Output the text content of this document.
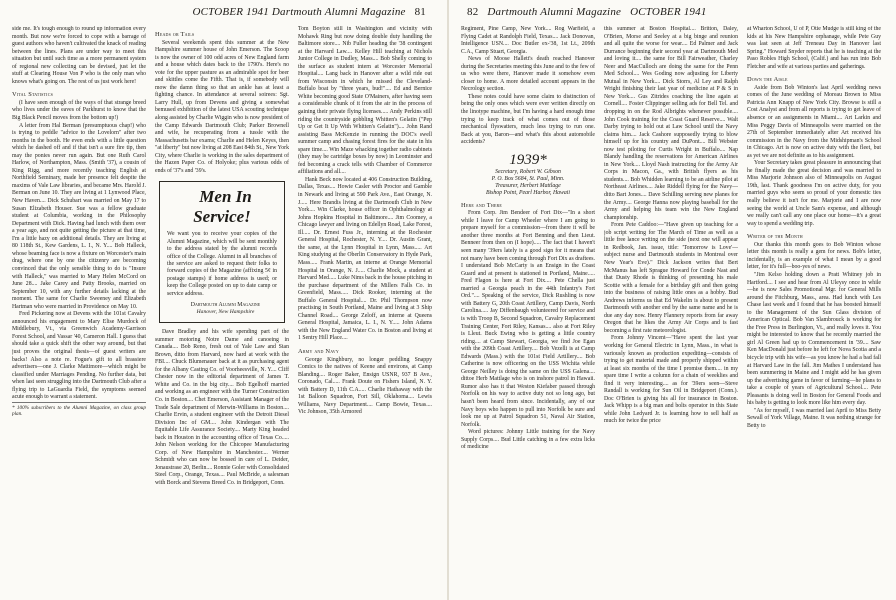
OCTOBER 1941 Dartmouth Alumni Magazine 81

side me. It's tough enough to round up information every month. But now we're forced to cope with a barrage of guest authors who haven't cultivated the knack of reading between the lines. Plans are under way to meet this situation but until such time as a more permanent system of regional new collecting can be devised, just let the stuff at Clearing House Von P who is the only man who knows what's going on. The rest of us just work here!

Vital Statistics

(I have seen enough of the ways of that strange breed who lives under the eaves of Parkhurst to know that the Big Black Pencil moves from the bottom up!)

A letter from Hal Berman (presumptuous chap!) who is trying to peddle "advice to the Lovelorn" after two months in the booth. He even ends with a little question which he dashed off and if that isn't a sure fire tip, then may the ponies never run again. But one Ruth Carol Harlow, of Northampton, Mass. (Smith '37), a cousin of King Rigg, and more recently teaching English at Northfield Seminary, made her presence felt despite the maxims of Vale Law libraries, and became Mrs. Harold J. Berman on June 10. They are living at 1 Lynwood Place, New Haven.... Dick Schubart was married on May 17 to Susan Elizabeth Houser. Sue was a fellow graduate student at Columbia, working in the Philosophy Department with Dick. Having had lunch with them over a year ago, and not quite getting the picture at that time, I'm a little hazy on additional details. They are living at 80 118th St., Kew Gardens, L. I., N. Y.... Bob Halleck, whose beaming face is now a fixture on Worcester's main drag, where one by one the citizenry are becoming convinced that the only sensible thing to do is "Insure with Halleck," was married to Mary Helen McCord on June 28.... Jake Carey and Patty Brooks, married on September 10, with any further details lacking at the moment. The same for Charlie Sweeney and Elizabeth Hartman who were married in Providence on May 10.

Fred Pickering now at Devens with the 101st Cavalry announced his engagement to Mary Elise Murdock of Middlebury, Vt., via Greenwich Academy-Garrison Forest School, and Vassar '40, Cameron Hall. I guess that should take a quick shift the other way around, but that just proves the original thesis—of guest writers are backs! Also a note re. Fogue's gift to all brassiere advertisers—one J. Clarke Mattimore—which might be classified under Marriages Pending. No further data, but when last seen struggling into the Dartmouth Club after a flying trip to LaGuardia Field, the symptoms seemed acute enough to warrant a statement.

* 100% subscribers to the Alumni Magazine, on class group plan.

Heads or Tails

Several weekends spent this summer at the New Hampshire summer house of John Emerson. The Scoop is now the owner of 100 odd acres of New England farm and a house which dates back to the 1790's. Here's no vote for the upper pasture as an admirable spot for beer and skittles come the Fifth. That is, if somebody will mow the damn thing so that an ankle has at least a fighting chance. In attendance at several soirees: Sgt. Larry Hull, up from Devens and giving a somewhat bemused exhibition of the latest USA scouting technique along assisted by Charlie Wiggin who is now president of the Camp Edwards Dartmouth Club; Parker Brownell and wife, he recuperating from a tussle with the Massachusetts bar exams; Charlie and Helen Keyes, then "at liberty" but now living at 208 East 84th St., New York City, where Charlie is working in the sales department of the Hazen Paper Co. of Holyoke; plus various odds of ends of '37's and '39's.

Men In Service!

We want you to receive your copies of the Alumni Magazine, which will be sent monthly to the address stated by the alumni records office of the College. Alumni in all branches of the service are asked to request their folks to forward copies of the Magazine (affixing 5¢ in postage stamps) if home address is used; or keep the College posted on up to date camp or service address.

Dartmouth Alumni Magazine

Hanover, New Hampshire

Dave Bradley and his wife spending part of the summer motoring Notre Dame and canoeing in Canada.... Bob Reno, fresh out of Yale Law and Stan Brown, ditto from Harvard, now hard at work with the FBI.... Chuck Blumenauer back at it as purchasing agent for the Albany Casting Co. of Voorheesville, N. Y.... Cliff Chester now in the editorial department of James T. White and Co. in the big city.... Bob Egelhoff married and working as an engineer with the Turner Construction Co. in Boston.... Chet Emerson, Assistant Manager of the Trade Sale department of Merwin-Williams in Boston.... Charlie Ervin, a student engineer with the Detroit Diesel Division Inc of GM.... John Kindergan with The Equitable Life Assurance Society.... Marty King headed back in Houston in the accounting office of Texas Co..... John Nelson working for the Chicopee Manufacturing Corp. of New Hampshire in Manchester.... Werner Schmidt who can now be bossed in care of L. Deider, Jonaustrase 20, Berlin.... Ronnie Goler with Consolidated Steel Corp., Orange, Texas.... Paul McBride, a salesman with Borck and Stevens Breed Co. in Bridgeport, Conn.

Tom Boyton still in Washington and vicinity with Mohawk Ring but now doing double duty handling the Baltimore store.... Nib Fuller heading the '38 contingent at the Harvard Law.... Kelley Hill teaching at Nichols Junior College in Dudley, Mass.... Bob Shelly coming to the surface as student intern at Worcester Memorial Hospital.... Lang back in Hanover after a wild ride out from Wisconsin in which he missed the Cleveland-Buffalo boat by "three years, bud!".... Ed and Bernice White becoming good State O'Mainers, after having seen a considerable chunk of it from the air in the process of gaining their private flying licenses..... Andy Perkins still riding the countryside gobbling Whitten's Gelatin ("Pep Up or Get It Up With Whitten's Gelatin").... John Rand assisting Bass McKenzie in running the DOC's swell summer camp and chasing forest fires for the state in his spare time.... Win Maze whacking together radio cabinets (they may be cartridge boxes by now) in Leominster and fed becoming a crack tells with Chamber of Commerce affiliations and all....

Hank Beck now located at 406 Construction Building, Dallas, Texas.... Howie Casler with Proctor and Gamble in Newark and living at 590 Park Ave., East Orange, N. J..... Here Brandis living at the Dartmouth Club in New York.... Win Clarke, house officer in Ophthalmology at Johns Hopkins Hospital in Baltimore.... Jim Coomey, a Chicago lawyer and living on Edellyn Road, Lake Forest, Ill..... Dr. Ernest Fuss Jr., interning at the Rochester General Hospital, Rochester, N. Y.... Dr. Austin Grant, the same, at the Lynn Hospital in Lynn, Mass..... Art King studying at the Oberlin Conservatory in Hyde Park, Mass..... Frank Martin, an interne at Orange Memorial Hospital in Orange, N. J..... Charlie Mock, a student at Harvard Med..... Luke Nims back in the house pitching in the purchase department of the Millers Falls Co. in Greenfield, Mass..... Dick Rooker, interning at the Buffalo General Hospital.... Dr. Phil Thompson now practising in South Portland, Maine and living at 3 Ship Channel Road.... George Zeloff, an interne at Queens General Hospital, Jamaica, L. I., N. Y..... John Adams with the New England Water Co. in Boston and living at 1 Sentry Hill Place....

Army and Navy

George Kinghbury, no longer peddling Snappy Comics to the natives of Keene and environs, at Camp Blanding.... Roger Baker, Ensign USNR, 937 B Ave., Coronado, Cal..... Frank Doute on Fishers Island, N. Y. with Battery D, 11th C.A..... Charlie Hathaway with the 1st Balloon Squadron, Fort Sill, Oklahoma.... Lewis Williams, Navy Department.... Camp Bowie, Texas.... Vic Johnson, 35th Armored

82 Dartmouth Alumni Magazine OCTOBER 1941

Regiment, Pine Camp, New York.... Rog Warfield, a Flying Cadet at Randolph Field, Texas.... Jack Donovan, Intelligence USN.... Doc Butler ex-'38, 1st Lt., 209th C.A., Camp Stuart, Georgia.

News of Moose Hallett's death reached Hanover during the Secretaries meeting this June and to the few of us who were there, Hanover made it somehow even closer to home. A more detailed account appears in the Necrology section.

These notes could have some claim to distinction of being the only ones which were ever written directly on the linotype machine, but I'm having a hard enough time trying to keep track of what comes out of those mechanical flyswatters, much less trying to run one. Back at you, Baron—and what's this about automobile accidents?

1939*

Secretary, Robert W. Gibson

P. O. Box 5684, St. Paul, Minn.

Treasurer, Herbert Mattlage

Bishop Point, Pearl Harbor, Hawaii

Here and There

From Corp. Jim Bendeer of Fort Dix—"In a short while I leave for Camp Wheeler where I am going to prepare myself for a commission—from there it will be another three months at Fort Benning and then Lieut. Benneer from then on (I hope)..... The fact that I haven't seen many '39ers lately is a good sign for it means that not many have been coming through Fort Dix as draftees. I understand Bob McCarty is an Ensign in the Coast Guard and at present is stationed in Portland, Maine..... Fred Flagon is here at Fort Dix.... Pete Chella just married a Georgia peach in the 44th Infantry's Fort Ord.".... Speaking of the service, Dick Rushling is now with Battery G, 20th Coast Artillery, Camp Davis, North Carolina..... Jay Diffenbaugh volunteered for service and is with Troop B, Second Squadron, Cavalry Replacement Training Center, Fort Riley, Kansas.... also at Fort Riley is Lleut. Buck Ewing who is getting a little country riding.... at Camp Stewart, Georgia, we find Joe Egan with the 209th Coast Artillery.... Bob Vezelli is at Camp Edwards (Mass.) with the 101st Field Artillery.... Bob Catherine is now officering on the USS Wichita while George Neilley is doing the same on the USS Galena.... dittoe Herb Mattlage who is on inshore patrol in Hawaii. Rumor also has it that Weston Kiefaber passed through Norfolk on his way to active duty not so long ago, but hasn't been heard from since. Incidentally, any of our Navy boys who happen to pull into Norfolk be sure and look me up at Patrol Squadron 51, Naval Air Station, Norfolk.

Word pictures: Johnny Little training for the Navy Supply Corps.... Bud Little catching in a few extra licks of medicine

this summer at Boston Hospital.... Britton, Daley, O'Brien, Morse and Seeley at a big binge and reunion and all quite the worse for wear.... Ed Palmer and Jack Durrance beginning their second year at Dartmouth Med and loving it.... the same for Bill Fairweather, Charley Neer and MacCulloch are doing the same for the Penn Med School.... Wes Goding now adjusting for Liberty Mutual in New York.... Dick Storrs, Al Ley and Ralph Wright finishing their last year of medicine at P & S in New York.... Gus Zitrides coaching the line again at Cornell.... Foster Clippinger selling ads for Bell Tel. and dropping in on the Rod Albrights whenever possible.... John Cook training for the Coast Guard Reserve.... Walt Darby trying to hold out at Law School until the Navy claims him.... Jack Cashore supposedly trying to blow himself up for his country and DuPont.... Bill Webster now test piloting for Curtis Wright in Buffalo.... Nap Blandy handling the reservations for American Airlines in New York.... Lloyd Nash instructing for the Army Air Corps in Macon, Ga., with British flyers as his students.... Bob Whidden learning to be an airline pilot at Northeast Airlines.... Jake Riddell flying for the Navy—ditto Bart Jones.... Dave Schilling serving new planes for the Army.... George Hanna now playing baseball for the Army and helping his team win the New England championship.

From Pete Caddoo:—"Have given up teaching for a job script writing for The March of Time as well as a little free lance writing on the side (next one will appear in Redbook, Jan. issue, title: 'Tomorrow is Love'—subject nurse and Dartmouth students in Montreal over New Year's Eve)." Dick Jackson writes that Bert McManus has left Sprague Howard for Conde Nast and that Dusty Rhode is thinking of presenting his male Scottie with a female for a birthday gift and then going into the business of raising little ones as a hobby. Bud Andrews informs us that Ed Wakelin is about to present Dartmouth with another end by the same name and he is due any day now. Henry Flannery reports from far away Oregon that he likes the Army Air Corps and is fast becoming a first rate meteorologist.

From Johnny Vincent—"Have spent the last year working for General Electric in Lynn, Mass., in what is variously known as production expediting—consists of trying to get material made and properly shipped within at least six months of the time I promise them.... in my spare time I write a column for a chain of weeklies and find it very interesting.... as for '39ers seen—Steve Randall is working for Sun Oil in Bridgeport (Conn.). Doc O'Brien is giving his all for insurance in Boston. Jack Whipp is a big man and bolts operator in this State while John Ledyard Jr. is learning how to sell half as much for twice the price

at Wharton School, U of P, Otie Mudge is still king of the kids at his New Hampshire orphanage, while Pete Guy was last seen at Jeff Treneau Day in Hanover last Spring." Howard Snyder reports that he is teaching at the Paso Robles High School, (Calif.) and has run into Bob Fletcher and wife at various parties and gatherings.

Down the Aisle

Aside from Bob Winton's last April wedding news comes of the June wedding of Moreau Brown to Miss Patricia Ann Knapp of New York City. Browse is still a Cost Analyst and from all reports is trying to get leave of absence or an assignments in Miami.... Art Larkin and Miss Peggy Davis of Minneapolis were married on the 27th of September immediately after Art received his commission in the Navy from the Midshipman's School in Chicago. Art is now on active duty with the fleet, but as yet we are not definite as to his assignment.

Your Secretary takes great pleasure in announcing that he finally made the great decision and was married to Miss Marjorie Johnson also of Minneapolis on August 19th, last. Thank goodness I'm on active duty, for you married guys who seem so proud of your domestic ties really believe it isn't for me. Marjorie and I are now seeing the world at Uncle Sam's expense, and although we really can't call any one place our home—it's a great way to spend a wedding trip.

Writer of the Month

Our thanks this month goes to Bob Winton whose letter this month is really a gem for news. Bob's letter, incidentally, is an example of what I mean by a good letter, for it's full—boo-yes of news.

"Jim Kelso holding down a Pratt Whitney job in Hartford.... I see and hear from Al Uleysy once in while—he is now Sales Promotional Mgr. for General Mills around the Fitchburg, Mass., area. Had lunch with Les Chase last week and I found that he has boosted himself to the Management of the Sun Glass division of American Optical. Bob Van Slambrouck is working for the Free Press in Burlington, Vt., and really loves it. You might be interested to know that he recently married the girl Al Green had up to Commencement in '39.... Saw Ken MacDonald just before he left for Nova Scotia and a bicycle trip with his wife—as you know he had a bad fall at Harvard Law in the fall. Jim Mathes I understand has been summering in Maine and I might add he has given up the advertising game in favor of farming—he plans to take a couple of years of Agricultural School.... Pete Pleasants is doing well in Boston for General Foods and his baby is getting to look more like him every day.

"As for myself, I was married last April to Miss Betty Sewall of York Village, Maine. It was nothing strange for Betty to
